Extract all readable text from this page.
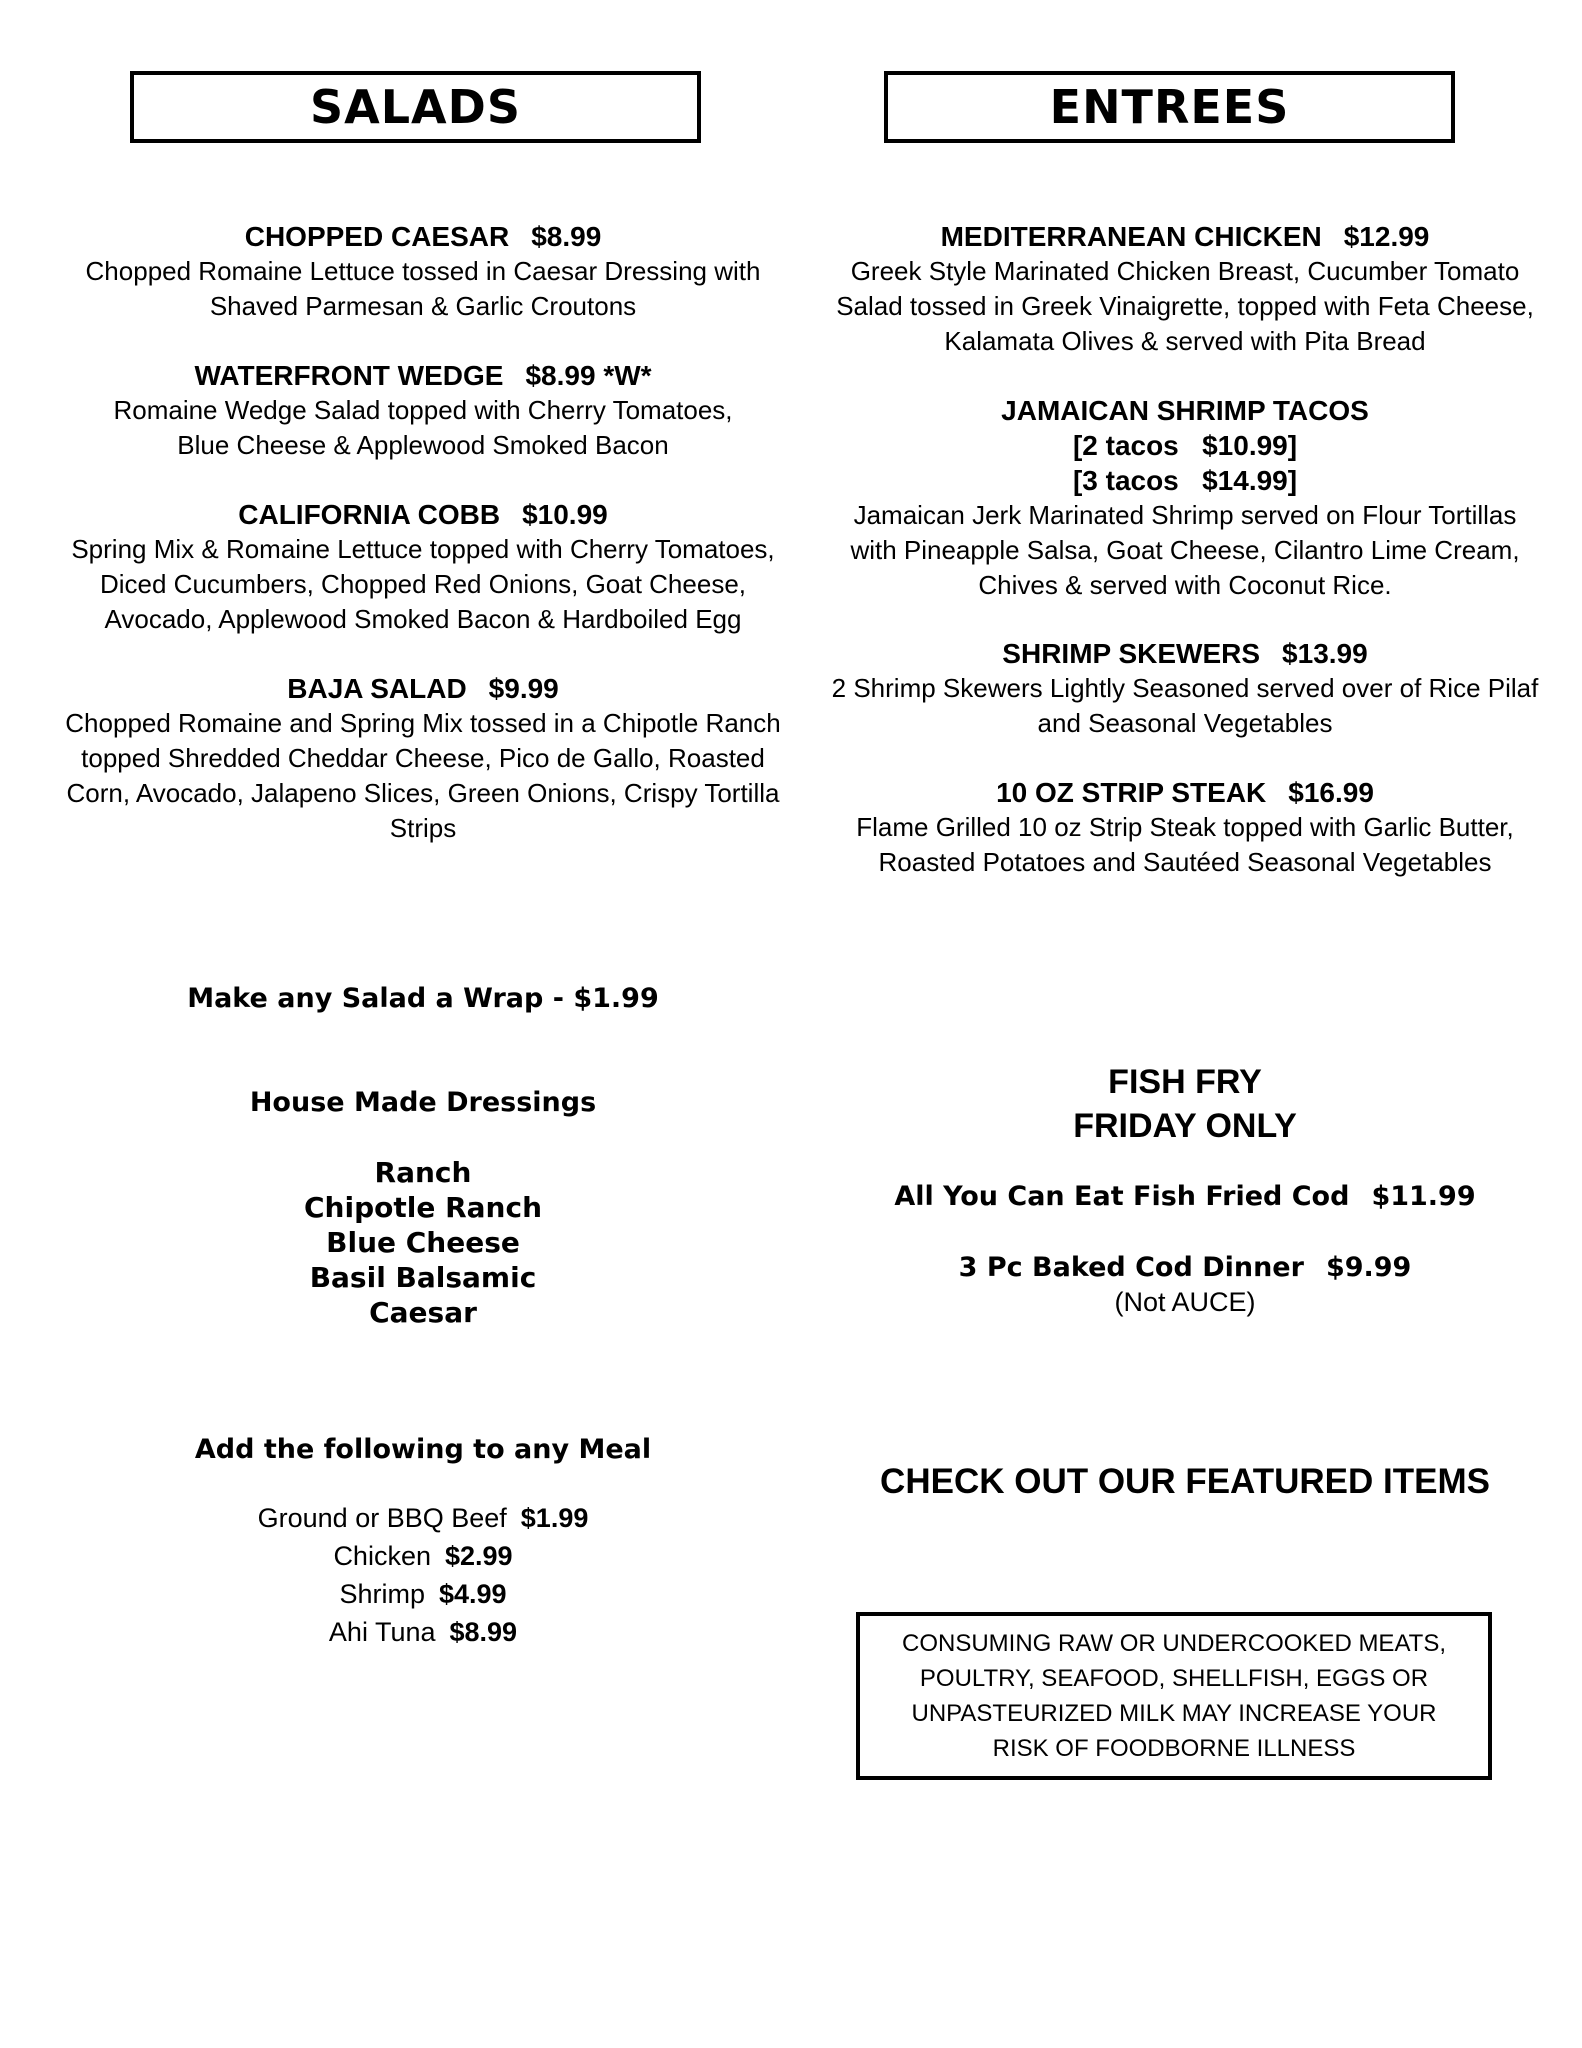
SALADS	ENTREES
CHOPPED CAESAR $8.99
Chopped Romaine Lettuce tossed in Caesar Dressing with Shaved Parmesan & Garlic Croutons
WATERFRONT WEDGE $8.99 *W*
Romaine Wedge Salad topped with Cherry Tomatoes, Blue Cheese & Applewood Smoked Bacon
CALIFORNIA COBB $10.99
Spring Mix & Romaine Lettuce topped with Cherry Tomatoes, Diced Cucumbers, Chopped Red Onions, Goat Cheese, Avocado, Applewood Smoked Bacon & Hardboiled Egg
BAJA SALAD $9.99
Chopped Romaine and Spring Mix tossed in a Chipotle Ranch topped Shredded Cheddar Cheese, Pico de Gallo, Roasted Corn, Avocado, Jalapeno Slices, Green Onions, Crispy Tortilla Strips
MEDITERRANEAN CHICKEN $12.99
Greek Style Marinated Chicken Breast, Cucumber Tomato Salad tossed in Greek Vinaigrette, topped with Feta Cheese, Kalamata Olives & served with Pita Bread
JAMAICAN SHRIMP TACOS
[2 tacos   $10.99]
[3 tacos   $14.99]
Jamaican Jerk Marinated Shrimp served on Flour Tortillas with Pineapple Salsa, Goat Cheese, Cilantro Lime Cream, Chives & served with Coconut Rice.
SHRIMP SKEWERS $13.99
2 Shrimp Skewers Lightly Seasoned served over of Rice Pilaf and Seasonal Vegetables
10 OZ STRIP STEAK $16.99
Flame Grilled 10 oz Strip Steak topped with Garlic Butter, Roasted Potatoes and Sautéed Seasonal Vegetables
Make any Salad a Wrap - $1.99
House Made Dressings
Ranch
Chipotle Ranch
Blue Cheese
Basil Balsamic
Caesar
Add the following to any Meal
Ground or BBQ Beef $1.99
Chicken $2.99
Shrimp $4.99
Ahi Tuna $8.99
FISH FRY
FRIDAY ONLY
All You Can Eat Fish Fried Cod $11.99
3 Pc Baked Cod Dinner $9.99
(Not AUCE)
CHECK OUT OUR FEATURED ITEMS
CONSUMING RAW OR UNDERCOOKED MEATS, POULTRY, SEAFOOD, SHELLFISH, EGGS OR UNPASTEURIZED MILK MAY INCREASE YOUR RISK OF FOODBORNE ILLNESS
